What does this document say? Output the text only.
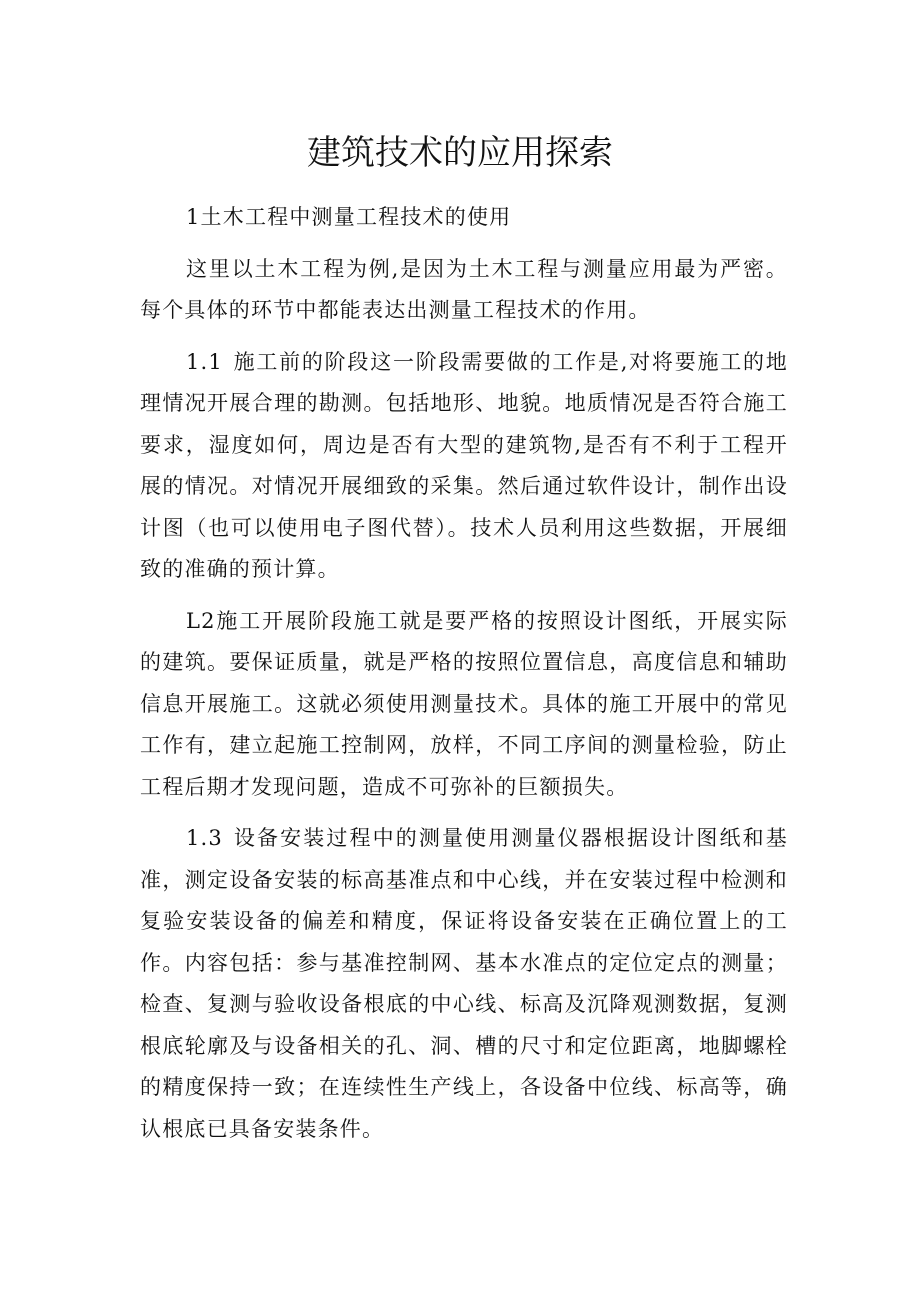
建筑技术的应用探索

1土木工程中测量工程技术的使用

这里以土木工程为例,是因为土木工程与测量应用最为严密。每个具体的环节中都能表达出测量工程技术的作用。

1.1 施工前的阶段这一阶段需要做的工作是,对将要施工的地理情况开展合理的勘测。包括地形、地貌。地质情况是否符合施工要求，湿度如何，周边是否有大型的建筑物,是否有不利于工程开展的情况。对情况开展细致的采集。然后通过软件设计，制作出设计图（也可以使用电子图代替）。技术人员利用这些数据，开展细致的准确的预计算。

L2施工开展阶段施工就是要严格的按照设计图纸，开展实际的建筑。要保证质量，就是严格的按照位置信息，高度信息和辅助信息开展施工。这就必须使用测量技术。具体的施工开展中的常见工作有，建立起施工控制网，放样，不同工序间的测量检验，防止工程后期才发现问题，造成不可弥补的巨额损失。

1.3 设备安装过程中的测量使用测量仪器根据设计图纸和基准，测定设备安装的标高基准点和中心线，并在安装过程中检测和复验安装设备的偏差和精度，保证将设备安装在正确位置上的工作。内容包括：参与基准控制网、基本水准点的定位定点的测量；检查、复测与验收设备根底的中心线、标高及沉降观测数据，复测根底轮廓及与设备相关的孔、洞、槽的尺寸和定位距离，地脚螺栓的精度保持一致；在连续性生产线上，各设备中位线、标高等，确认根底已具备安装条件。
